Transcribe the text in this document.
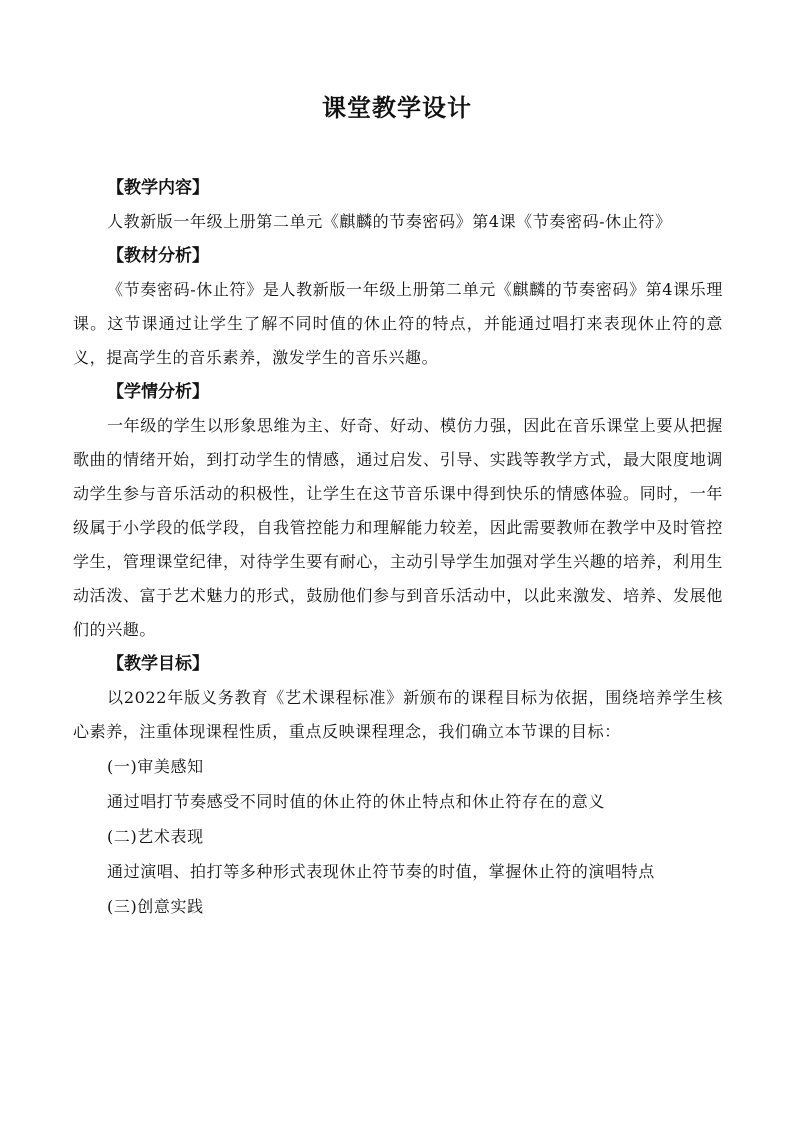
课堂教学设计
【教学内容】

人教新版一年级上册第二单元《麒麟的节奏密码》第4课《节奏密码-休止符》

【教材分析】

《节奏密码-休止符》是人教新版一年级上册第二单元《麒麟的节奏密码》第4课乐理课。这节课通过让学生了解不同时值的休止符的特点，并能通过唱打来表现休止符的意义，提高学生的音乐素养，激发学生的音乐兴趣。

【学情分析】

一年级的学生以形象思维为主、好奇、好动、模仿力强，因此在音乐课堂上要从把握歌曲的情绪开始，到打动学生的情感，通过启发、引导、实践等教学方式，最大限度地调动学生参与音乐活动的积极性，让学生在这节音乐课中得到快乐的情感体验。同时，一年级属于小学段的低学段，自我管控能力和理解能力较差，因此需要教师在教学中及时管控学生，管理课堂纪律，对待学生要有耐心，主动引导学生加强对学生兴趣的培养，利用生动活泼、富于艺术魅力的形式，鼓励他们参与到音乐活动中，以此来激发、培养、发展他们的兴趣。

【教学目标】

以2022年版义务教育《艺术课程标准》新颁布的课程目标为依据，围绕培养学生核心素养，注重体现课程性质，重点反映课程理念，我们确立本节课的目标：

(一)审美感知

通过唱打节奏感受不同时值的休止符的休止特点和休止符存在的意义

(二)艺术表现

通过演唱、拍打等多种形式表现休止符节奏的时值，掌握休止符的演唱特点

(三)创意实践
